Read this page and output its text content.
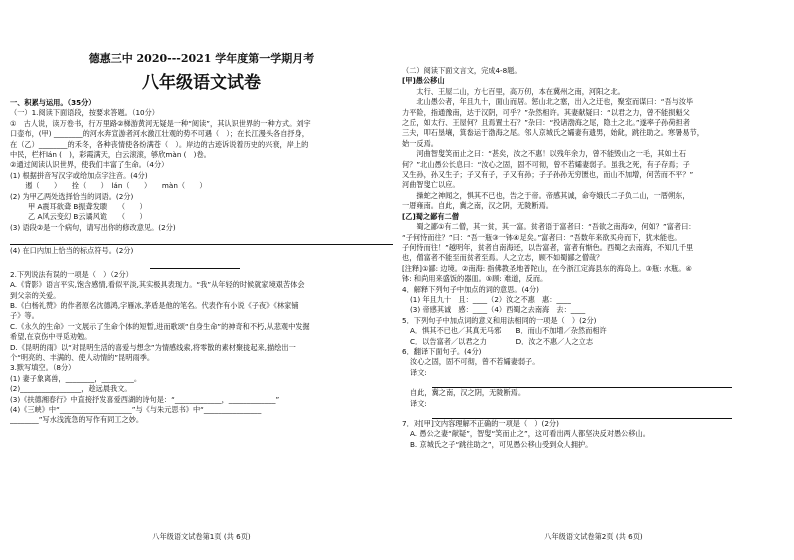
德惠三中 2020---2021 学年度第一学期月考
八年级语文试卷
一、积累与运用。（35分）
（一）1.阅读下面语段，按要求答题。（10分）
①　古人说，读万卷书，行万里路②梯游黄河无疑是一种“阅读”，其认识世界的一种方式。刘宇
口壶布，(甲) ________的河水奔宣游者河水激江壮观的势不可遇（　）；在长江漫头各自抒身，
在（乙）________的禾冬，各种丧情使各纷满苍（　）。岸边的古迹诉说着历史的兴衰，岸上的
中民，栏杆lán (　)，彩霞满天，白云滚滚，够欣màn (　)卷。
②通过阅读认识世界，使我们丰富了生命。（4分）
(1) 根据拼音写汉字或给加点字注音。(4分)
　遏（　　）　　拴（　　）　lán（　　）　　màn（　　）
(2) 为甲乙两处选择恰当的词语。(2分)
甲 A震耳欲聋 B振聋发聩　　（　　）
乙 A风云变幻 B云谲风诡　　（　　）
(3) 语段②是一个病句，请写出你的修改意见。(2分)
(4) 在口内加上恰当的标点符号。(2分)
2.下列说法有误的一项是（　）（2分）
A.《背影》语言平实,饱含感情,看似平淡,其实极具表现力。“我”从年轻的时候就家境艰苦体会
到父亲的关爱。
B.《白杨礼赞》的作者原名沈德鸿,字雁冰,茅盾是他的笔名。代表作有小说《子夜》《林家铺
子》等。
C.《永久的生命》一文展示了生命个体的短暂,进而歌颂“自身生命”的神奇和不朽,从悲观中发掘
希望,在哀伤中寻觅劝勉。
D.《昆明的雨》以“对昆明生活的喜爱与想念”为情感线索,将零散的素材聚拢起来,描绘出一
个“明亮的、丰满的、使人动情的”昆明雨季。
3.默写填空。（8分）
(1) 妻子象离兽，________，_________。
(2)_________________，趁远晨我文。
(3)《扶德湘春行》中直接抒发喜爱西湖的诗句是：“_____________，_____________”
(4)《三峡》中“____________________”与《与朱元思书》中“________________
________”写水浅流急的写作有同工之妙。
八年级语文试卷第1页 (共 6页)
（二）阅读下面文言文，完成4-8题。
[甲]愚公移山
　　太行、王屋二山，方七百里，高万仞，本在冀州之南，河阳之北。
　　北山愚公者，年且九十，面山而居。惩山北之塞，出入之迂也，聚室而谋曰：“吾与汝毕
力平险，指通豫南，达于汉阴，可乎？”杂然相许。其妻献疑曰：“以君之力，曾不能损魁父
之丘，如太行、王屋何？且焉置土石？”杂曰：“投诸渤海之尾，隐土之北。”遂率子孙荷担者
三夫，叩石垦壤，箕畚运于渤海之尾。邻人京城氏之孀妻有遗男，始龀，跳往助之。寒暑易节，
始一反焉。
　　河曲智叟笑而止之曰：“甚矣，汝之不惠！以残年余力，曾不能毁山之一毛，其如土石
何？”北山愚公长息曰：“汝心之固，固不可彻，曾不若孀妻弱子。虽我之死，有子存焉；子
又生孙，孙又生子；子又有子，子又有孙；子子孙孙无穷匮也，而山不加增，何苦而不平？”
河曲智叟亡以应。
　　操蛇之神闻之，惧其不已也，告之于帝。帝感其诚，命夸娥氏二子负二山，一厝朔东，
一厝雍南。自此，冀之南，汉之阴，无陇断焉。
[乙]蜀之鄙有二僧
　　蜀之鄙①有二僧，其一贫，其一富。贫者语于富者曰：“吾欲之南海②，何如？”富者曰：
“子何恃而往？”曰：“吾一瓶③一钵④足矣。”富者曰：“吾数年来欲买舟而下，犹未能也。
子何恃而往！”越明年，贫者自南海还，以告富者，富者有惭色。西蜀之去南海，不知几千里
也，僧富者不能至而贫者至焉。人之立志，顾不如蜀鄙之僧哉？
[注释]①鄙: 边境。②南海: 指佛教圣地普陀山，在今浙江定海县东的海岛上。③瓶: 水瓶。④
钵: 和尚用来盛饭的器皿。⑤顾: 难道，反而。
4．解释下列句子中加点的词的意思。(4分)
(1) 年且九十　且：____（2）汝之不惠　惠：____
(3) 帝感其诚　感：____（4）西蜀之去南海　去：____
5．下列句子中加点词的意义和用法相同的一项是（　）(2分)
A．惧其不已也／其真无马邪　　B．而山不加增／杂然而相许
C．以告富者／以君之力　　　　D．汝之不惠／人之立志
6．翻译下面句子。(4分)
汝心之固，固不可彻，曾不若孀妻弱子。
译文:
自此，冀之南，汉之阴，无陇断焉。
译文:
7．对[甲]文内容理解不正确的一项是（　）(2分)
A. 愚公之妻“献疑”，智叟“笑而止之”，这可看出两人都坚决反对愚公移山。
B. 京城氏之子“跳往助之”，可见愚公移山受到众人拥护。
八年级语文试卷第2页 (共 6页)
